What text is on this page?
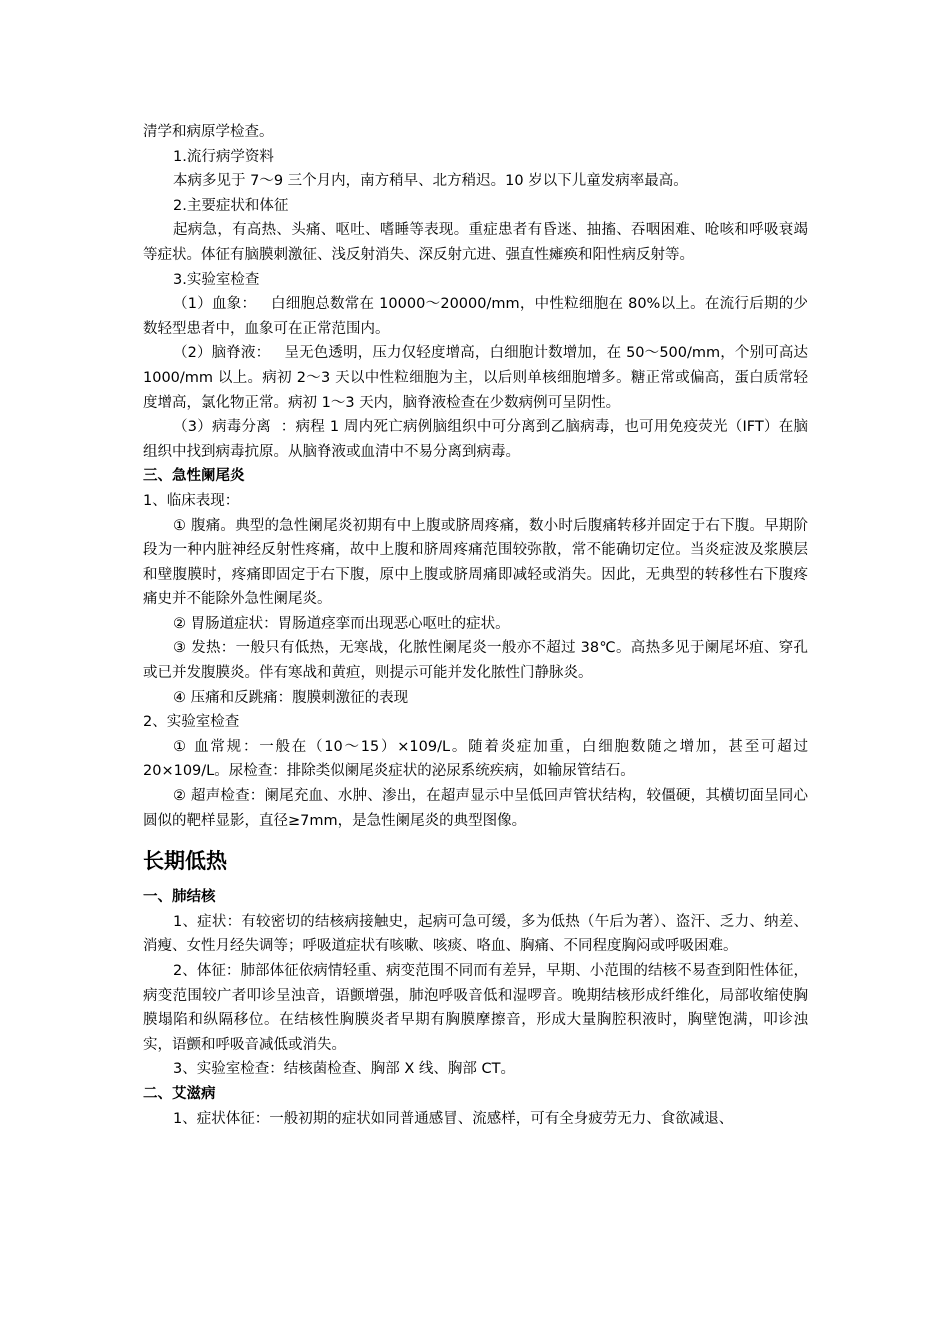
清学和病原学检查。

1.流行病学资料

本病多见于 7～9 三个月内，南方稍早、北方稍迟。10 岁以下儿童发病率最高。

2.主要症状和体征

起病急，有高热、头痛、呕吐、嗜睡等表现。重症患者有昏迷、抽搐、吞咽困难、呛咳和呼吸衰竭等症状。体征有脑膜刺激征、浅反射消失、深反射亢进、强直性瘫痪和阳性病反射等。

3.实验室检查

（1）血象：   白细胞总数常在 10000～20000/mm，中性粒细胞在 80%以上。在流行后期的少数轻型患者中，血象可在正常范围内。

（2）脑脊液：   呈无色透明，压力仅轻度增高，白细胞计数增加，在 50～500/mm，个别可高达 1000/mm 以上。病初 2～3 天以中性粒细胞为主，以后则单核细胞增多。糖正常或偏高，蛋白质常轻度增高，氯化物正常。病初 1～3 天内，脑脊液检查在少数病例可呈阴性。

（3）病毒分离  ：病程 1 周内死亡病例脑组织中可分离到乙脑病毒，也可用免疫荧光（IFT）在脑组织中找到病毒抗原。从脑脊液或血清中不易分离到病毒。

三、急性阑尾炎

1、临床表现：

① 腹痛。典型的急性阑尾炎初期有中上腹或脐周疼痛，数小时后腹痛转移并固定于右下腹。早期阶段为一种内脏神经反射性疼痛，故中上腹和脐周疼痛范围较弥散，常不能确切定位。当炎症波及浆膜层和壁腹膜时，疼痛即固定于右下腹，原中上腹或脐周痛即减轻或消失。因此，无典型的转移性右下腹疼痛史并不能除外急性阑尾炎。

② 胃肠道症状：胃肠道痉挛而出现恶心呕吐的症状。

③ 发热：一般只有低热，无寒战，化脓性阑尾炎一般亦不超过 38℃。高热多见于阑尾坏疽、穿孔或已并发腹膜炎。伴有寒战和黄疸，则提示可能并发化脓性门静脉炎。

④ 压痛和反跳痛：腹膜刺激征的表现

2、实验室检查

① 血常规：一般在（10～15）×109/L。随着炎症加重，白细胞数随之增加，甚至可超过 20×109/L。尿检查：排除类似阑尾炎症状的泌尿系统疾病，如输尿管结石。

② 超声检查：阑尾充血、水肿、渗出，在超声显示中呈低回声管状结构，较僵硬，其横切面呈同心圆似的靶样显影，直径≥7mm，是急性阑尾炎的典型图像。

长期低热

一、肺结核

1、症状：有较密切的结核病接触史，起病可急可缓，多为低热（午后为著）、盗汗、乏力、纳差、消瘦、女性月经失调等；呼吸道症状有咳嗽、咳痰、咯血、胸痛、不同程度胸闷或呼吸困难。

2、体征：肺部体征依病情轻重、病变范围不同而有差异，早期、小范围的结核不易查到阳性体征，病变范围较广者叩诊呈浊音，语颤增强，肺泡呼吸音低和湿啰音。晚期结核形成纤维化，局部收缩使胸膜塌陷和纵隔移位。在结核性胸膜炎者早期有胸膜摩擦音，形成大量胸腔积液时，胸壁饱满，叩诊浊实，语颤和呼吸音减低或消失。

3、实验室检查：结核菌检查、胸部 X 线、胸部 CT。

二、艾滋病

1、症状体征：一般初期的症状如同普通感冒、流感样，可有全身疲劳无力、食欲减退、
